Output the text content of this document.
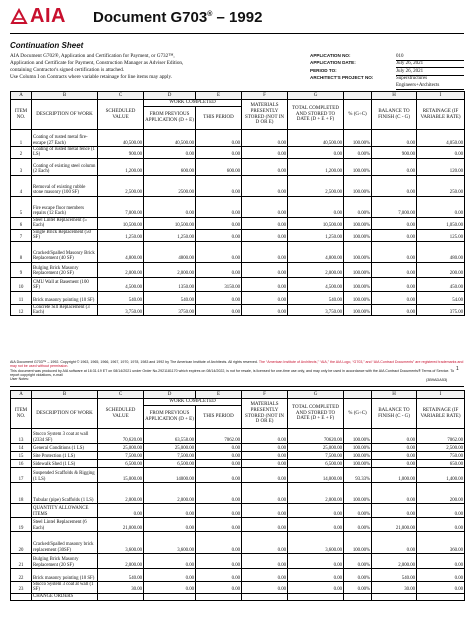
AIA Document G703® – 1992
Continuation Sheet
AIA Document G702®, Application and Certification for Payment, or G732™,
Application and Certificate for Payment, Construction Manager as Adviser Edition,
containing Contractor's signed certification is attached.
Use Column I on Contracts where variable retainage for line items may apply.
APPLICATION NO:	010
APPLICATION DATE:	July 26, 2021
PERIOD TO:	July 26, 2021
ARCHITECT'S PROJECT NO:	Superstructures Engineers+Architects
A	B	C	D	E	F	G		H	I
ITEM NO.	DESCRIPTION OF WORK	SCHEDULED VALUE	WORK COMPLETED		MATERIALS PRESENTLY STORED (NOT IN D OR E)	TOTAL COMPLETED AND STORED TO DATE (D + E + F)	% (G÷C)	BALANCE TO FINISH (C - G)	RETAINAGE (IF VARIABLE RATE)
			FROM PREVIOUS APPLICATION (D + E)	THIS PERIOD					
1	Coating of rusted metal fire-escape (27 Each)	40,500.00	40,500.00	0.00	0.00	40,500.00	100.00%	0.00	4,050.00
2	Coating of rusted metal fence (1 LS)	900.00	0.00	0.00	0.00	0.00	0.00%	900.00	0.00
3	Coating of existing steel column (2 Each)	1,200.00	600.00	600.00	0.00	1,200.00	100.00%	0.00	120.00
4	Removal of existing rubble stone masonry (100 SF)	2,500.00	2500.00	0.00	0.00	2,500.00	100.00%	0.00	250.00
5	Fire escape floor members repairs (12 Each)	7,000.00	0.00	0.00	0.00	0.00	0.00%	7,000.00	0.00
6	Steel Lintel Replacement (5 Each)	10,500.00	10,500.00	0.00	0.00	10,500.00	100.00%	0.00	1,050.00
7	Single Brick Replacement (50 SF)	1,250.00	1,250.00	0.00	0.00	1,250.00	100.00%	0.00	125.00
8	Cracked/Spalled Masonry Brick Replacement (40 SF)	4,800.00	4800.00	0.00	0.00	4,800.00	100.00%	0.00	480.00
9	Bulging Brick Masonry Replacement (20 SF)	2,000.00	2,000.00	0.00	0.00	2,000.00	100.00%	0.00	200.00
10	CMU Wall at Basement (100 SF)	4,500.00	1350.00	3150.00	0.00	4,500.00	100.00%	0.00	450.00
11	Brick masonry pointing (10 SF)	540.00	540.00	0.00	0.00	540.00	100.00%	0.00	54.00
12	Concrete Sill Replacement (3 Each)	3,750.00	3750.00	0.00	0.00	3,750.00	100.00%	0.00	375.00
AIA Document G703™ – 1992. Copyright © 1963, 1965, 1966, 1967, 1970, 1978, 1983 and 1992 by The American Institute of Architects. All rights reserved. The “American Institute of Architects,” “AIA,” the AIA Logo, “G703,” and “AIA Contract Documents” are registered trademarks and may not be used without permission.
This document was produced by AIA software at 16:31:19 ET on 08/14/2021 under Order No.2921181170 which expires on 08/14/2022, is not for resale, is licensed for one-time use only, and may only be used in accordance with the AIA Contract Documents® Terms of Service. To report copyright violations, e-mail
User Notes:
1
(3B9ADA53)
A	B	C	D	E	F	G		H	I
ITEM NO.	DESCRIPTION OF WORK	SCHEDULED VALUE	WORK COMPLETED		MATERIALS PRESENTLY STORED (NOT IN D OR E)	TOTAL COMPLETED AND STORED TO DATE (D + E + F)	% (G÷C)	BALANCE TO FINISH (C - G)	RETAINAGE (IF VARIABLE RATE)
			FROM PREVIOUS APPLICATION (D + E)	THIS PERIOD					
13	Stucco System 3 coat at wall (2334 SF)	70,620.00	63,558.00	7062.00	0.00	70620.00	100.00%	0.00	7062.00
14	General Conditions (1 LS)	25,000.00	25,000.00	0.00	0.00	25,000.00	100.00%	0.00	2,500.00
15	Site Protection (1 LS)	7,500.00	7,500.00	0.00	0.00	7,500.00	100.00%	0.00	750.00
16	Sidewalk Shed (1 LS)	6,500.00	6,500.00	0.00	0.00	6,500.00	100.00%	0.00	650.00
17	Suspended Scaffolds & Rigging (1 LS)	15,000.00	14000.00	0.00	0.00	14,000.00	93.33%	1,000.00	1,400.00
18	Tubular (pipe) Scaffolds (1 LS)	2,000.00	2,000.00	0.00	0.00	2,000.00	100.00%	0.00	200.00
	QUANTITY ALLOWANCE ITEMS	0.00	0.00	0.00	0.00	0.00	0.00%	0.00	0.00
19	Steel Lintel Replacement (6 Each)	21,000.00	0.00	0.00	0.00	0.00	0.00%	21,000.00	0.00
20	Cracked/Spalled masonry brick replacement (30SF)	3,600.00	3,600.00	0.00	0.00	3,600.00	100.00%	0.00	360.00
21	Bulging Brick Masonry Replacement (20 SF)	2,000.00	0.00	0.00	0.00	0.00	0.00%	2,000.00	0.00
22	Brick masonry pointing (10 SF)	540.00	0.00	0.00	0.00	0.00	0.00%	540.00	0.00
23	Stucco System 3 coat at wall (1 SF)	30.00	0.00	0.00	0.00	0.00	0.00%	30.00	0.00
	CHANGE ORDERS								
